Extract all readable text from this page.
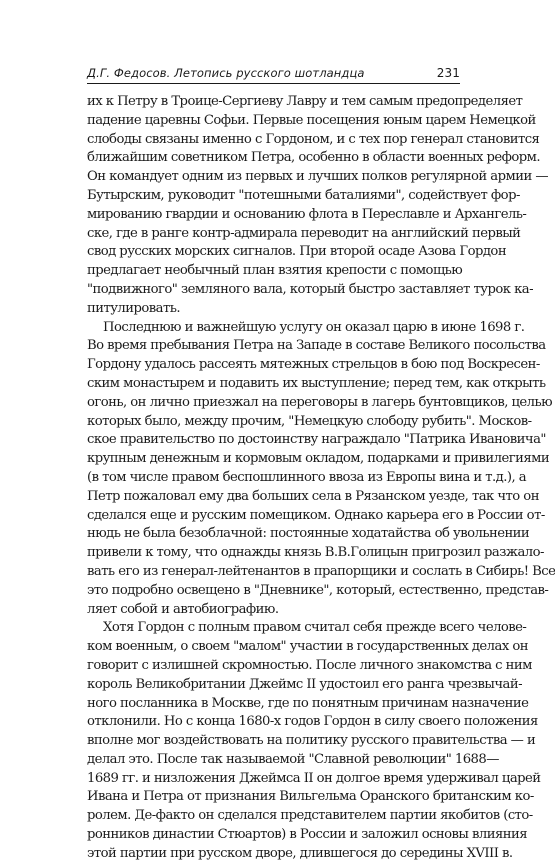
Д.Г. Федосов. Летопись русского шотландца	231
их к Петру в Троице-Сергиеву Лавру и тем самым предопределяет
падение царевны Софьи. Первые посещения юным царем Немецкой
слободы связаны именно с Гордоном, и с тех пор генерал становится
ближайшим советником Петра, особенно в области военных реформ.
Он командует одним из первых и лучших полков регулярной армии —
Бутырским, руководит "потешными баталиями", содействует фор-
мированию гвардии и основанию флота в Переславле и Архангель-
ске, где в ранге контр-адмирала переводит на английский первый
свод русских морских сигналов. При второй осаде Азова Гордон
предлагает необычный план взятия крепости с помощью
"подвижного" земляного вала, который быстро заставляет турок ка-
питулировать.
Последнюю и важнейшую услугу он оказал царю в июне 1698 г.
Во время пребывания Петра на Западе в составе Великого посольства
Гордону удалось рассеять мятежных стрельцов в бою под Воскресен-
ским монастырем и подавить их выступление; перед тем, как открыть
огонь, он лично приезжал на переговоры в лагерь бунтовщиков, целью
которых было, между прочим, "Немецкую слободу рубить". Москов-
ское правительство по достоинству награждало "Патрика Ивановича"
крупным денежным и кормовым окладом, подарками и привилегиями
(в том числе правом беспошлинного ввоза из Европы вина и т.д.), а
Петр пожаловал ему два больших села в Рязанском уезде, так что он
сделался еще и русским помещиком. Однако карьера его в России от-
нюдь не была безоблачной: постоянные ходатайства об увольнении
привели к тому, что однажды князь В.В.Голицын пригрозил разжало-
вать его из генерал-лейтенантов в прапорщики и сослать в Сибирь! Все
это подробно освещено в "Дневнике", который, естественно, представ-
ляет собой и автобиографию.
Хотя Гордон с полным правом считал себя прежде всего челове-
ком военным, о своем "малом" участии в государственных делах он
говорит с излишней скромностью. После личного знакомства с ним
король Великобритании Джеймс II удостоил его ранга чрезвычай-
ного посланника в Москве, где по понятным причинам назначение
отклонили. Но с конца 1680-х годов Гордон в силу своего положения
вполне мог воздействовать на политику русского правительства — и
делал это. После так называемой "Славной революции" 1688—
1689 гг. и низложения Джеймса II он долгое время удерживал царей
Ивана и Петра от признания Вильгельма Оранского британским ко-
ролем. Де-факто он сделался представителем партии якобитов (сто-
ронников династии Стюартов) в России и заложил основы влияния
этой партии при русском дворе, длившегося до середины XVIII в.
